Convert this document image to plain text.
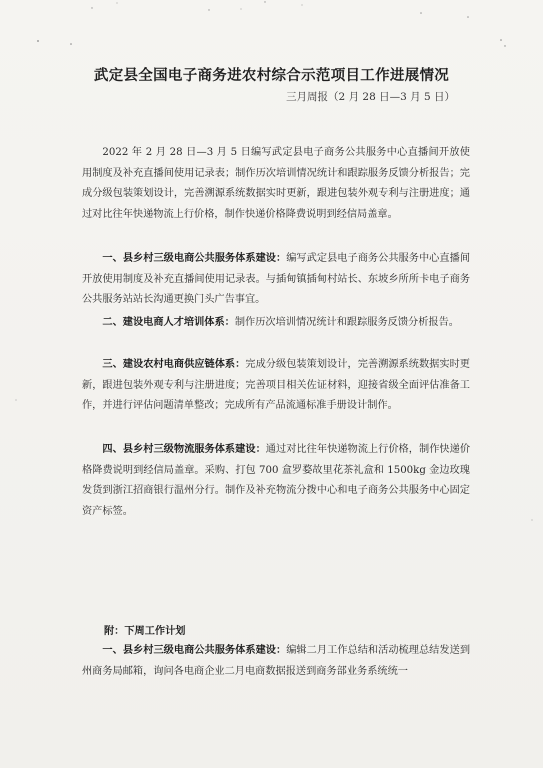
武定县全国电子商务进农村综合示范项目工作进展情况
三月周报（2 月 28 日—3 月 5 日）
2022 年 2 月 28 日—3 月 5 日编写武定县电子商务公共服务中心直播间开放使用制度及补充直播间使用记录表；制作历次培训情况统计和跟踪服务反馈分析报告；完成分级包装策划设计，完善溯源系统数据实时更新，跟进包装外观专利与注册进度；通过对比往年快递物流上行价格，制作快递价格降费说明到经信局盖章。
一、县乡村三级电商公共服务体系建设：编写武定县电子商务公共服务中心直播间开放使用制度及补充直播间使用记录表。与插甸镇插甸村站长、东坡乡所所卡电子商务公共服务站站长沟通更换门头广告事宜。
二、建设电商人才培训体系：制作历次培训情况统计和跟踪服务反馈分析报告。
三、建设农村电商供应链体系：完成分级包装策划设计，完善溯源系统数据实时更新，跟进包装外观专利与注册进度；完善项目相关佐证材料，迎接省级全面评估准备工作，并进行评估问题清单整改；完成所有产品流通标准手册设计制作。
四、县乡村三级物流服务体系建设：通过对比往年快递物流上行价格，制作快递价格降费说明到经信局盖章。采购、打包 700 盒罗婺故里花茶礼盒和 1500kg 金边玫瑰发货到浙江招商银行温州分行。制作及补充物流分拨中心和电子商务公共服务中心固定资产标签。
附：下周工作计划
一、县乡村三级电商公共服务体系建设：编辑二月工作总结和活动梳理总结发送到州商务局邮箱，询问各电商企业二月电商数据报送到商务部业务系统统一
